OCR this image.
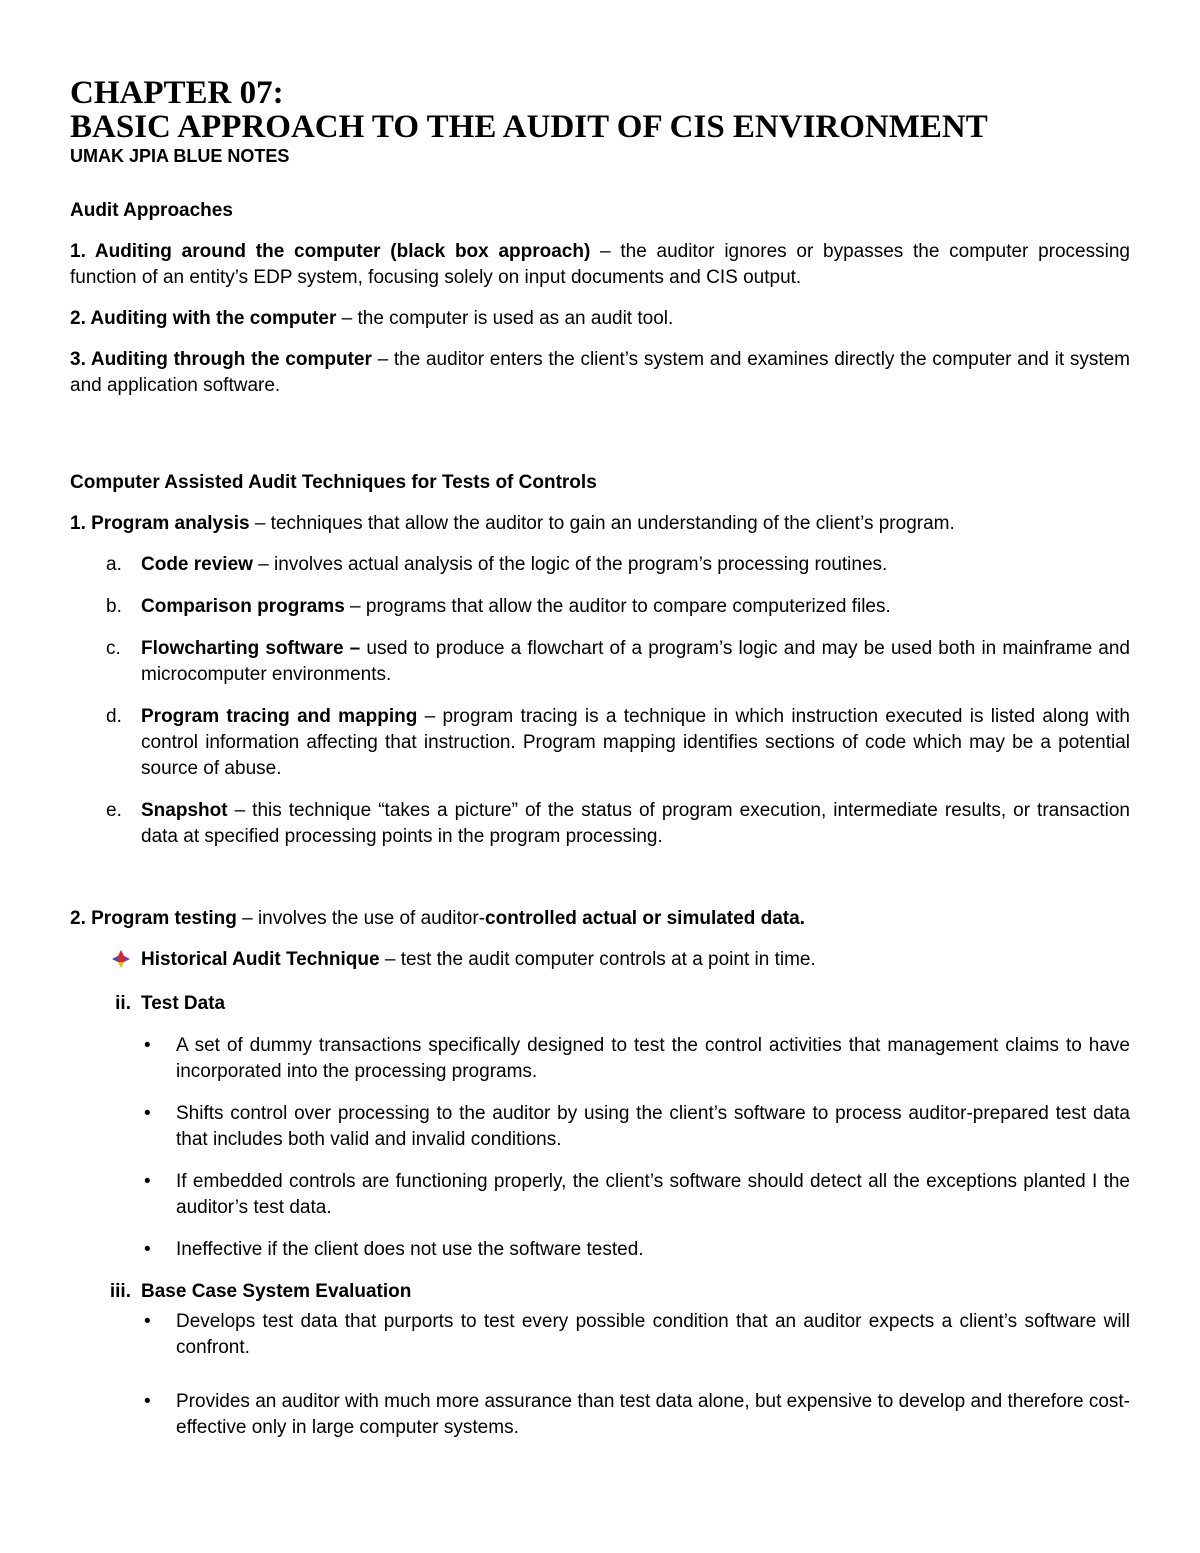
CHAPTER 07:
BASIC APPROACH TO THE AUDIT OF CIS ENVIRONMENT

UMAK JPIA BLUE NOTES

Audit Approaches

1. Auditing around the computer (black box approach) – the auditor ignores or bypasses the computer processing function of an entity’s EDP system, focusing solely on input documents and CIS output.

2. Auditing with the computer – the computer is used as an audit tool.

3. Auditing through the computer – the auditor enters the client’s system and examines directly the computer and it system and application software.

Computer Assisted Audit Techniques for Tests of Controls

1. Program analysis – techniques that allow the auditor to gain an understanding of the client’s program.

a.	Code review – involves actual analysis of the logic of the program’s processing routines.
b.	Comparison programs – programs that allow the auditor to compare computerized files.
c.	Flowcharting software – used to produce a flowchart of a program’s logic and may be used both in mainframe and microcomputer environments.
d.	Program tracing and mapping – program tracing is a technique in which instruction executed is listed along with control information affecting that instruction. Program mapping identifies sections of code which may be a potential source of abuse.
e.	Snapshot – this technique “takes a picture” of the status of program execution, intermediate results, or transaction data at specified processing points in the program processing.

2. Program testing – involves the use of auditor-controlled actual or simulated data.

Historical Audit Technique – test the audit computer controls at a point in time.
ii. Test Data
•	A set of dummy transactions specifically designed to test the control activities that management claims to have incorporated into the processing programs.
•	Shifts control over processing to the auditor by using the client’s software to process auditor-prepared test data that includes both valid and invalid conditions.
•	If embedded controls are functioning properly, the client’s software should detect all the exceptions planted I the auditor’s test data.
•	Ineffective if the client does not use the software tested.
iii. Base Case System Evaluation
•	Develops test data that purports to test every possible condition that an auditor expects a client’s software will confront.
•	Provides an auditor with much more assurance than test data alone, but expensive to develop and therefore cost-effective only in large computer systems.
